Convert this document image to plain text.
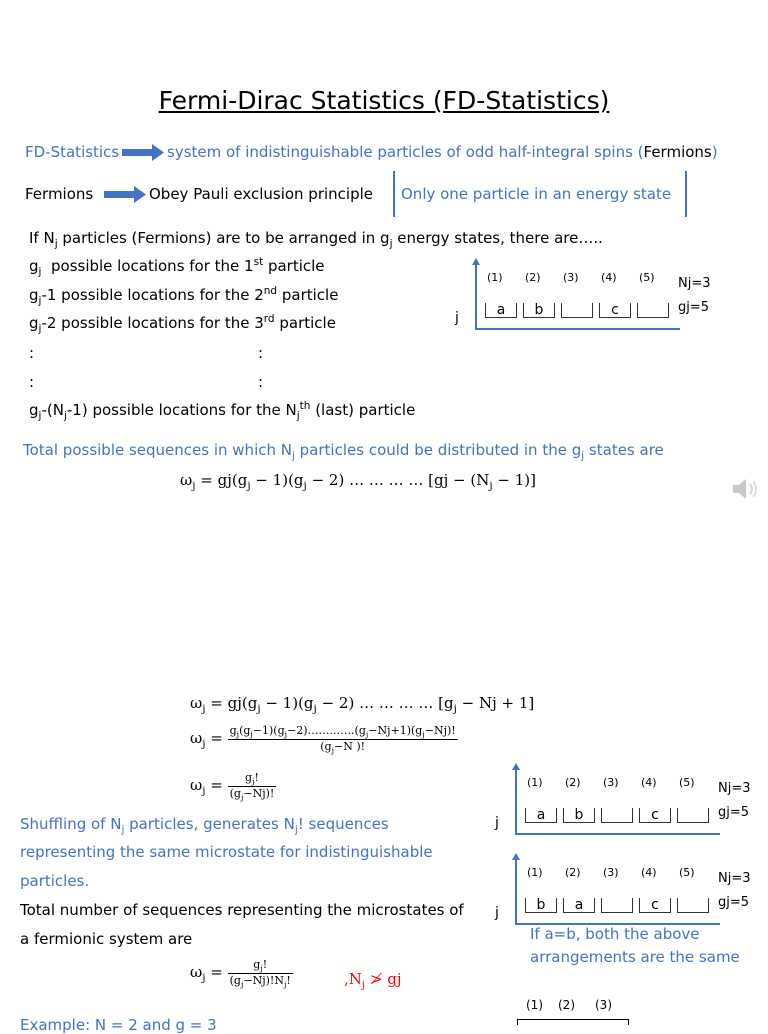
Fermi-Dirac Statistics (FD-Statistics)
FD-Statistics	system of indistinguishable particles of odd half-integral spins (Fermions)
Fermions	Obey Pauli exclusion principle Only one particle in an energy state
If $N_j$ particles (Fermions) are to be arranged in $g_j$ energy states, there are…..
$g_j$  possible locations for the 1st particle
$g_j-1$ possible locations for the 2nd particle
$g_j-2$ possible locations for the 3rd particle
:	:
:	:
$g_j-(N_j-1)$ possible locations for the $N_j^{th}$ (last) particle
j
(1) (2) (3) (4) (5)
a	b	c
Nj=3
gj=5
Total possible sequences in which $N_j$ particles could be distributed in the $g_j$ states are
$\omega_j = gj(g_j - 1)(g_j - 2)$ … … … … $[gj - (N_j - 1)]$
$\omega_j = gj(g_j - 1)(g_j - 2)$ … … … … $[g_j - Nj + 1]$
$\omega_j = \frac{g_j(g_j-1)(g_j-2)\dots\dots..\dots..(g_j-Nj+1)(g_j-Nj)!}{(g_j-N )!}$
$\omega_j = \frac{g_j!}{(g_j-Nj)!}$
Shuffling of $N_j$ particles, generates $N_j$! sequences
representing the same microstate for indistinguishable
particles.
Total number of sequences representing the microstates of
a fermionic system are
$\omega_j = \frac{g_j!}{(g_j-Nj)!N_j!}$	$,N_j$ ≯ gj
j
(1) (2) (3) (4) (5)
a	b	c
Nj=3
gj=5
j
(1) (2) (3) (4) (5)
b	a	c
Nj=3
gj=5
If a=b, both the above
arrangements are the same
(1) (2) (3)
Example: N = 2 and g = 3
